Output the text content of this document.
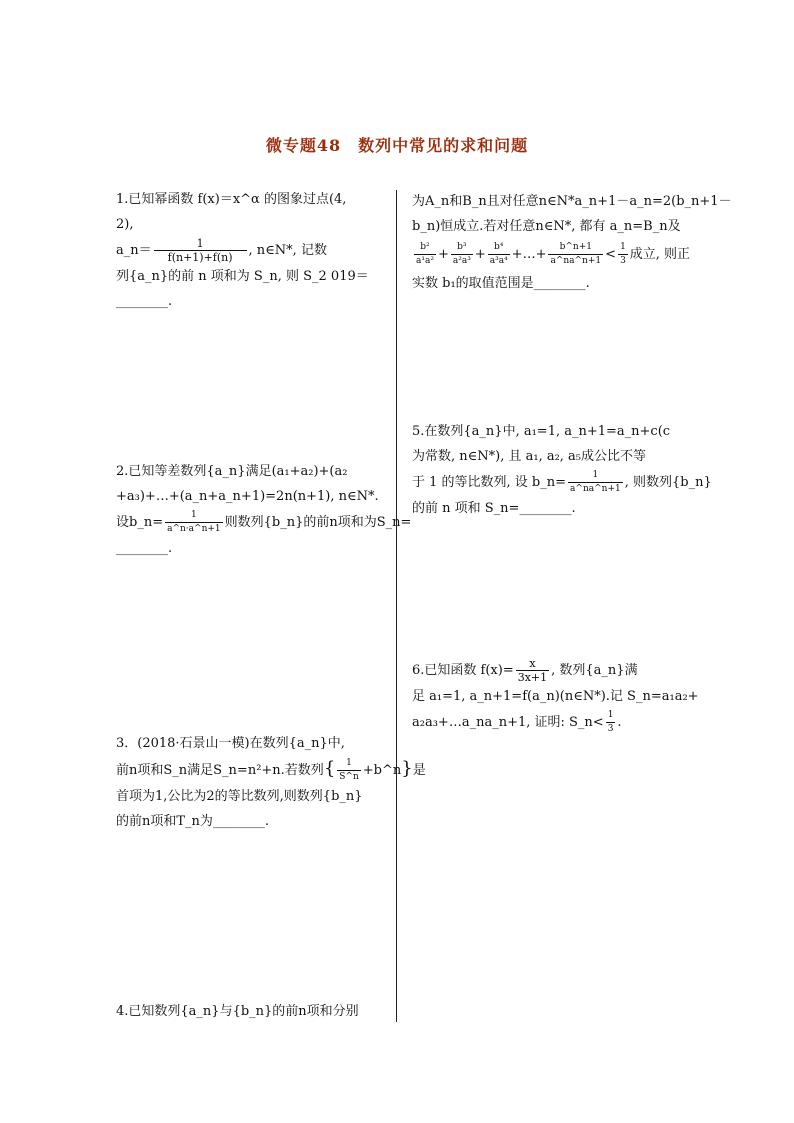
微专题48　数列中常见的求和问题
1.已知幂函数 f(x)＝x^α 的图象过点(4,
2),
a_n＝ $\frac{1}{f(n+1)+f(n)}$ , n∈N*, 记数
列{a_n}的前 n 项和为 S_n, 则 S_2 019＝
________.
2.已知等差数列{a_n}满足(a₁+a₂)+(a₂
+a₃)+…+(a_n+a_n+1)=2n(n+1), n∈N*.
设b_n= $\frac{1}{a\^{}n\cdot a\^{}n+1}$ 则数列{b_n}的前n项和为S_n=
________.
3．(2018·石景山一模)在数列{a_n}中,
前n项和S_n满足S_n=n²+n.若数列{ $\frac{1}{S\^{}n}$ +b^n}是
首项为1,公比为2的等比数列,则数列{b_n}
的前n项和T_n为________.
4.已知数列{a_n}与{b_n}的前n项和分别
为A_n和B_n且对任意n∈N*a_n+1－a_n=2(b_n+1－
b_n)恒成立.若对任意n∈N*, 都有 a_n=B_n及
$\frac{\text{b²}}{\text{a¹a²}} + \frac{\text{b³}}{\text{a²a³}} + \frac{\text{b⁴}}{\text{a³a⁴}}$ +…+ $\frac{b\^{}n+1}{a\^{}na\^{}n+1} < \frac{1}{3}$ 成立, 则正
实数 b₁的取值范围是________.
5.在数列{a_n}中, a₁=1, a_n+1=a_n+c(c
为常数, n∈N*), 且 a₁, a₂, a₅成公比不等
于 1 的等比数列, 设 b_n= $\frac{1}{a\^{}na\^{}n+1}$ , 则数列{b_n}
的前 n 项和 S_n=________.
6.已知函数 $f(x)= \frac{x}{3x+1}$ , 数列{a_n}满
足 a₁=1, a_n+1=f(a_n)(n∈N*).记 S_n=a₁a₂+
a₂a₃+…a_na_n+1, 证明: S_n< $\frac{1}{3}$ .
